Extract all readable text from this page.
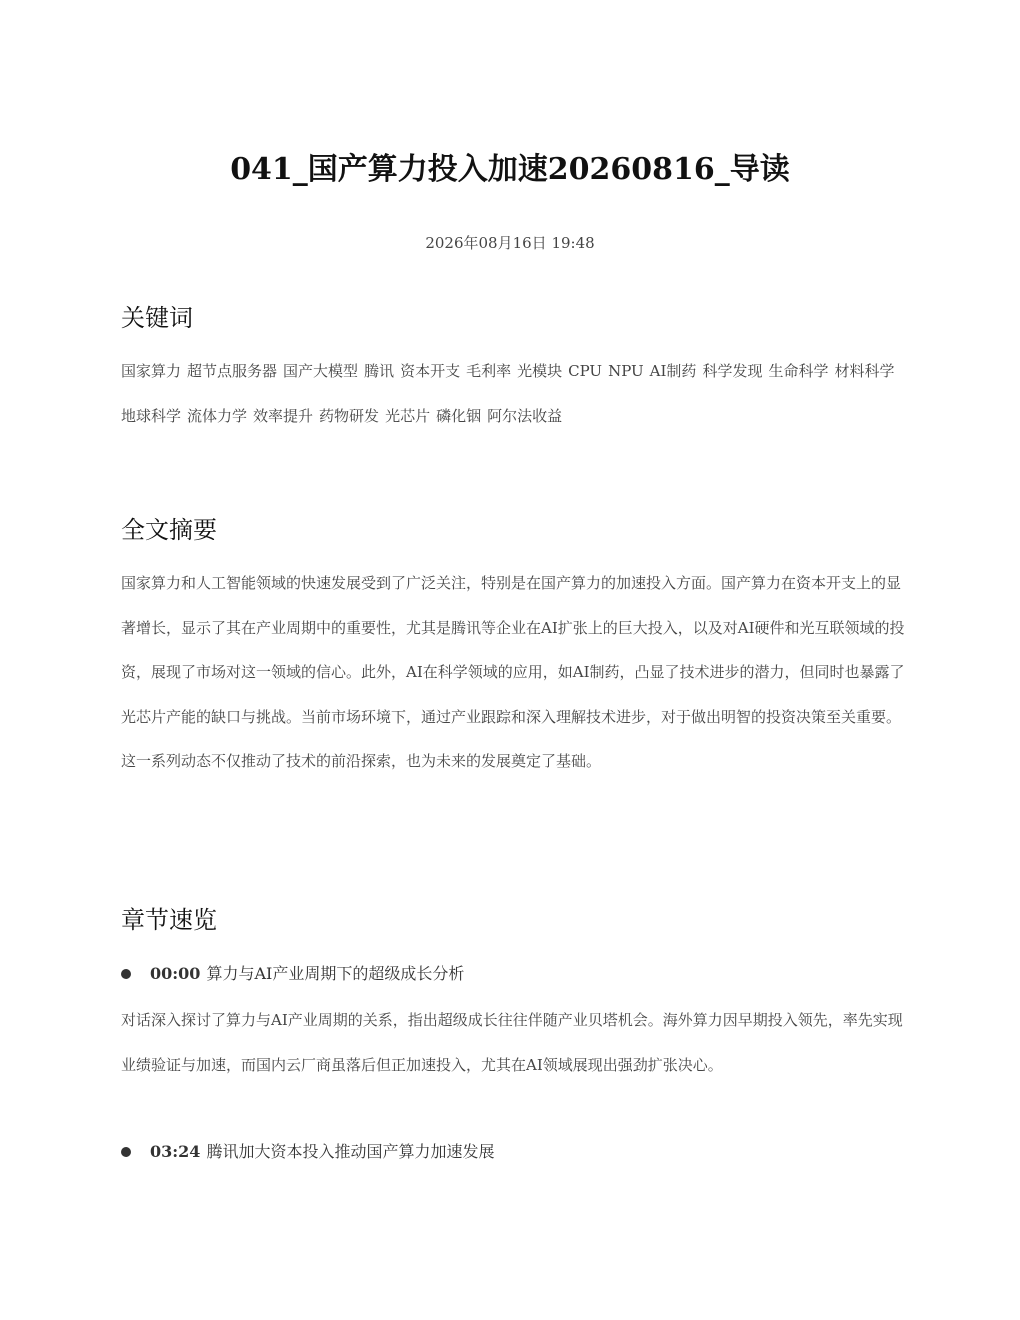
041_国产算力投入加速20260816_导读
2026年08月16日 19:48
关键词
国家算力 超节点服务器 国产大模型 腾讯 资本开支 毛利率 光模块 CPU NPU AI制药 科学发现 生命科学 材料科学地球科学 流体力学 效率提升 药物研发 光芯片 磷化铟 阿尔法收益
全文摘要

国家算力和人工智能领域的快速发展受到了广泛关注，特别是在国产算力的加速投入方面。国产算力在资本开支上的显著增长，显示了其在产业周期中的重要性，尤其是腾讯等企业在AI扩张上的巨大投入，以及对AI硬件和光互联领域的投资，展现了市场对这一领域的信心。此外，AI在科学领域的应用，如AI制药，凸显了技术进步的潜力，但同时也暴露了光芯片产能的缺口与挑战。当前市场环境下，通过产业跟踪和深入理解技术进步，对于做出明智的投资决策至关重要。这一系列动态不仅推动了技术的前沿探索，也为未来的发展奠定了基础。

章节速览
00:00 算力与AI产业周期下的超级成长分析

对话深入探讨了算力与AI产业周期的关系，指出超级成长往往伴随产业贝塔机会。海外算力因早期投入领先，率先实现业绩验证与加速，而国内云厂商虽落后但正加速投入，尤其在AI领域展现出强劲扩张决心。

03:24 腾讯加大资本投入推动国产算力加速发展
